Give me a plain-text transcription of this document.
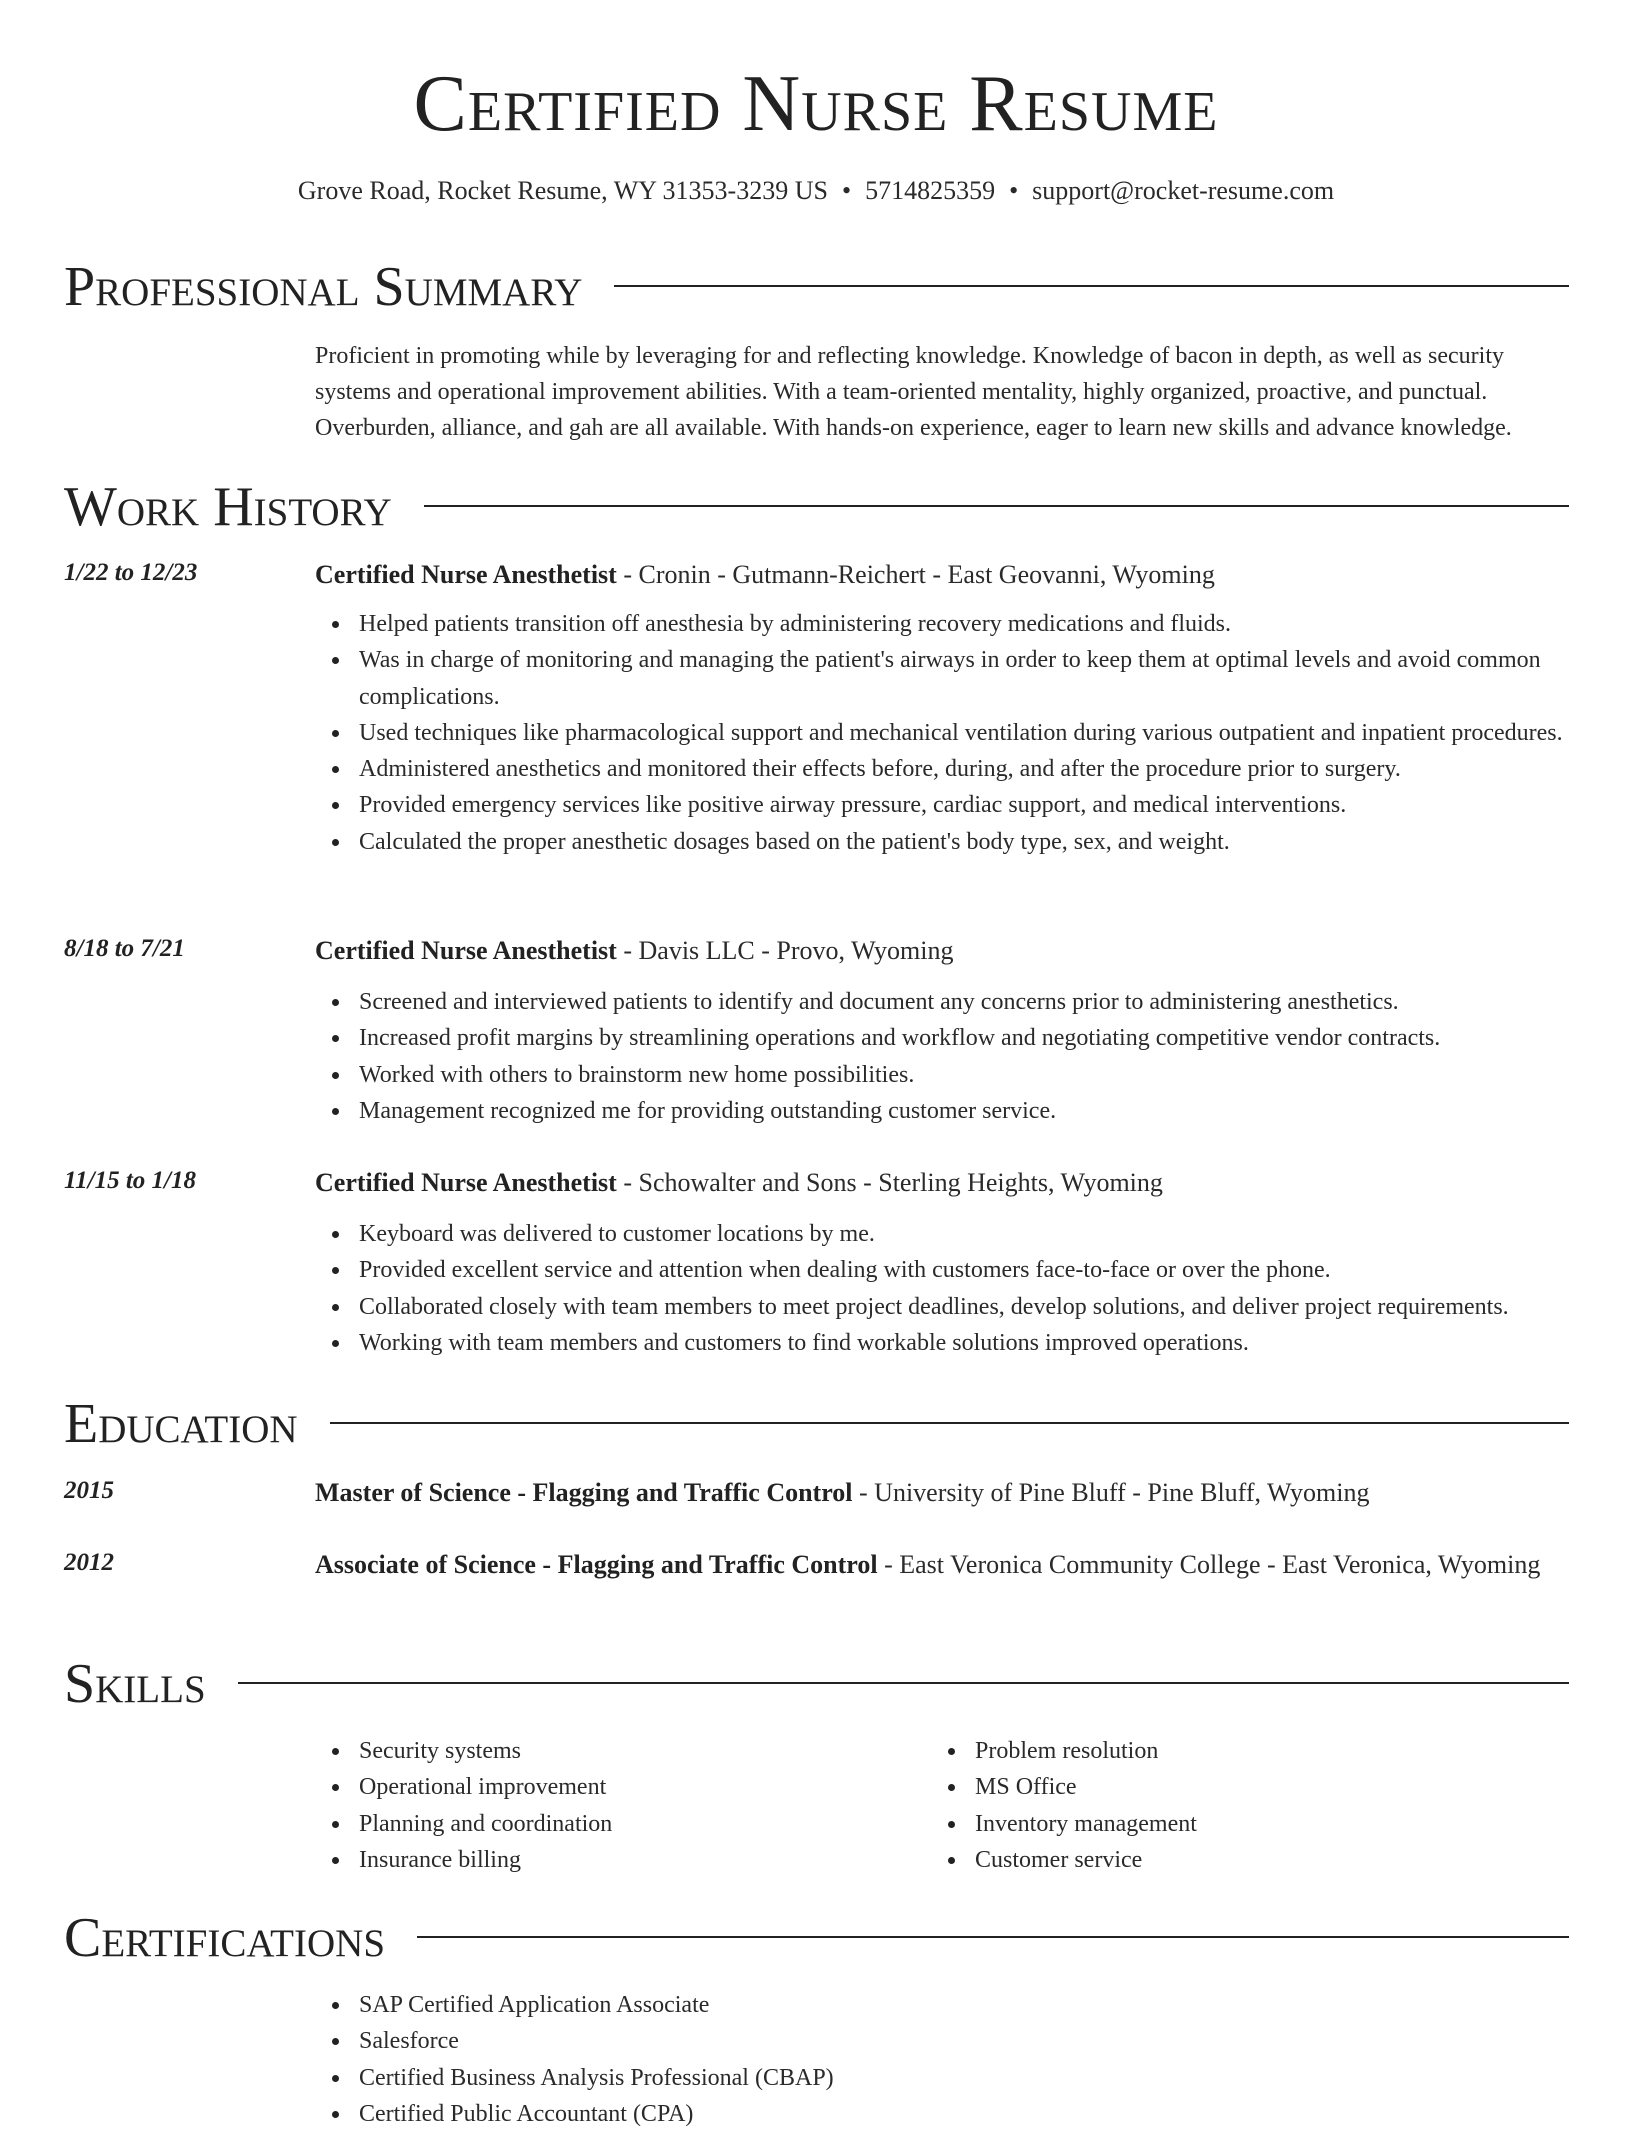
Certified Nurse Resume
Grove Road, Rocket Resume, WY 31353-3239 US • 5714825359 • support@rocket-resume.com
Professional Summary
Proficient in promoting while by leveraging for and reflecting knowledge. Knowledge of bacon in depth, as well as security systems and operational improvement abilities. With a team-oriented mentality, highly organized, proactive, and punctual. Overburden, alliance, and gah are all available. With hands-on experience, eager to learn new skills and advance knowledge.
Work History
1/22 to 12/23	Certified Nurse Anesthetist - Cronin - Gutmann-Reichert - East Geovanni, Wyoming
Helped patients transition off anesthesia by administering recovery medications and fluids.
Was in charge of monitoring and managing the patient's airways in order to keep them at optimal levels and avoid common complications.
Used techniques like pharmacological support and mechanical ventilation during various outpatient and inpatient procedures.
Administered anesthetics and monitored their effects before, during, and after the procedure prior to surgery.
Provided emergency services like positive airway pressure, cardiac support, and medical interventions.
Calculated the proper anesthetic dosages based on the patient's body type, sex, and weight.
8/18 to 7/21	Certified Nurse Anesthetist - Davis LLC - Provo, Wyoming
Screened and interviewed patients to identify and document any concerns prior to administering anesthetics.
Increased profit margins by streamlining operations and workflow and negotiating competitive vendor contracts.
Worked with others to brainstorm new home possibilities.
Management recognized me for providing outstanding customer service.
11/15 to 1/18	Certified Nurse Anesthetist - Schowalter and Sons - Sterling Heights, Wyoming
Keyboard was delivered to customer locations by me.
Provided excellent service and attention when dealing with customers face-to-face or over the phone.
Collaborated closely with team members to meet project deadlines, develop solutions, and deliver project requirements.
Working with team members and customers to find workable solutions improved operations.
Education
2015	Master of Science - Flagging and Traffic Control - University of Pine Bluff - Pine Bluff, Wyoming
2012	Associate of Science - Flagging and Traffic Control - East Veronica Community College - East Veronica, Wyoming
Skills
Security systems
Operational improvement
Planning and coordination
Insurance billing
Problem resolution
MS Office
Inventory management
Customer service
Certifications
SAP Certified Application Associate
Salesforce
Certified Business Analysis Professional (CBAP)
Certified Public Accountant (CPA)
